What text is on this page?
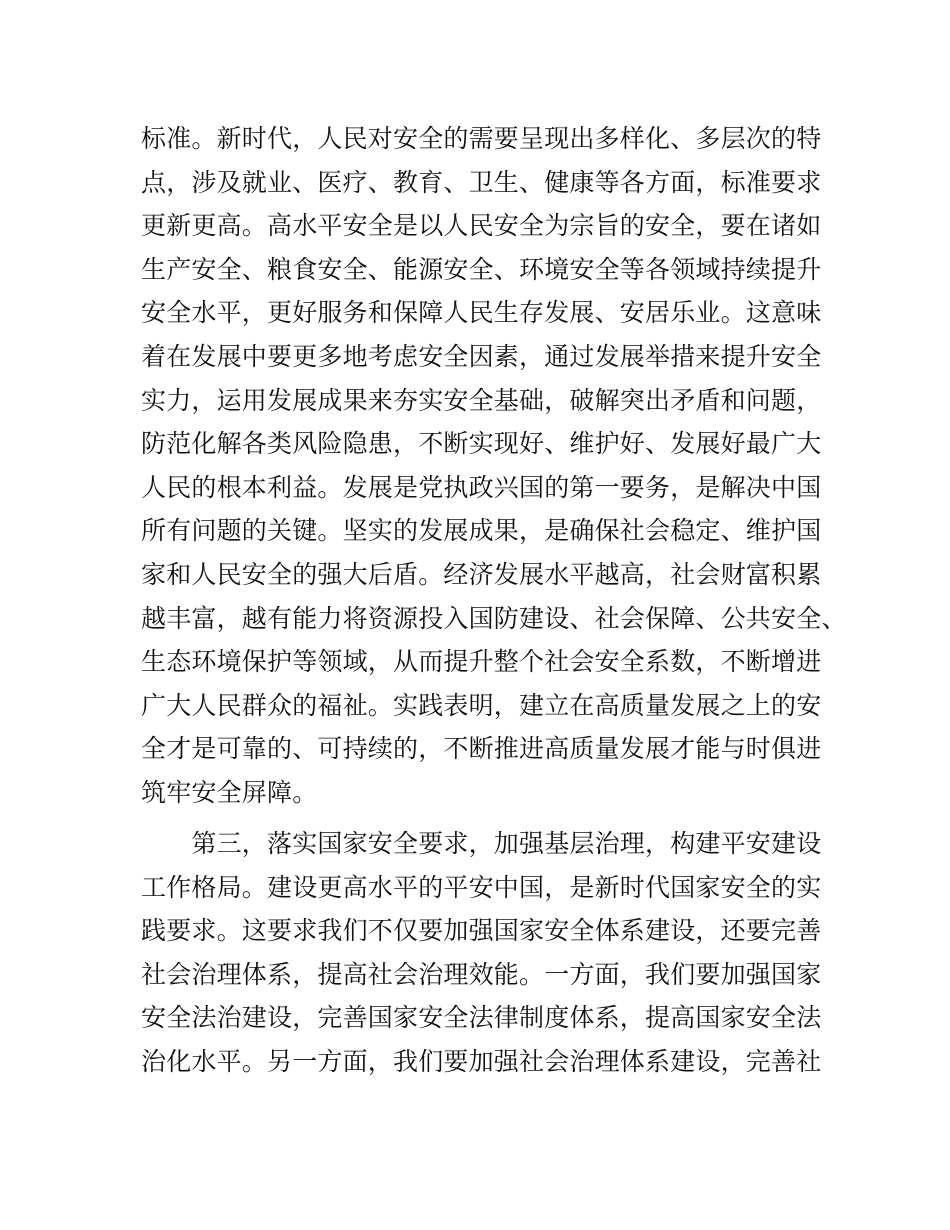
标准。新时代，人民对安全的需要呈现出多样化、多层次的特
点，涉及就业、医疗、教育、卫生、健康等各方面，标准要求
更新更高。高水平安全是以人民安全为宗旨的安全，要在诸如
生产安全、粮食安全、能源安全、环境安全等各领域持续提升
安全水平，更好服务和保障人民生存发展、安居乐业。这意味
着在发展中要更多地考虑安全因素，通过发展举措来提升安全
实力，运用发展成果来夯实安全基础，破解突出矛盾和问题，
防范化解各类风险隐患，不断实现好、维护好、发展好最广大
人民的根本利益。发展是党执政兴国的第一要务，是解决中国
所有问题的关键。坚实的发展成果，是确保社会稳定、维护国
家和人民安全的强大后盾。经济发展水平越高，社会财富积累
越丰富，越有能力将资源投入国防建设、社会保障、公共安全、
生态环境保护等领域，从而提升整个社会安全系数，不断增进
广大人民群众的福祉。实践表明，建立在高质量发展之上的安
全才是可靠的、可持续的，不断推进高质量发展才能与时俱进
筑牢安全屏障。
　　第三，落实国家安全要求，加强基层治理，构建平安建设
工作格局。建设更高水平的平安中国，是新时代国家安全的实
践要求。这要求我们不仅要加强国家安全体系建设，还要完善
社会治理体系，提高社会治理效能。一方面，我们要加强国家
安全法治建设，完善国家安全法律制度体系，提高国家安全法
治化水平。另一方面，我们要加强社会治理体系建设，完善社
